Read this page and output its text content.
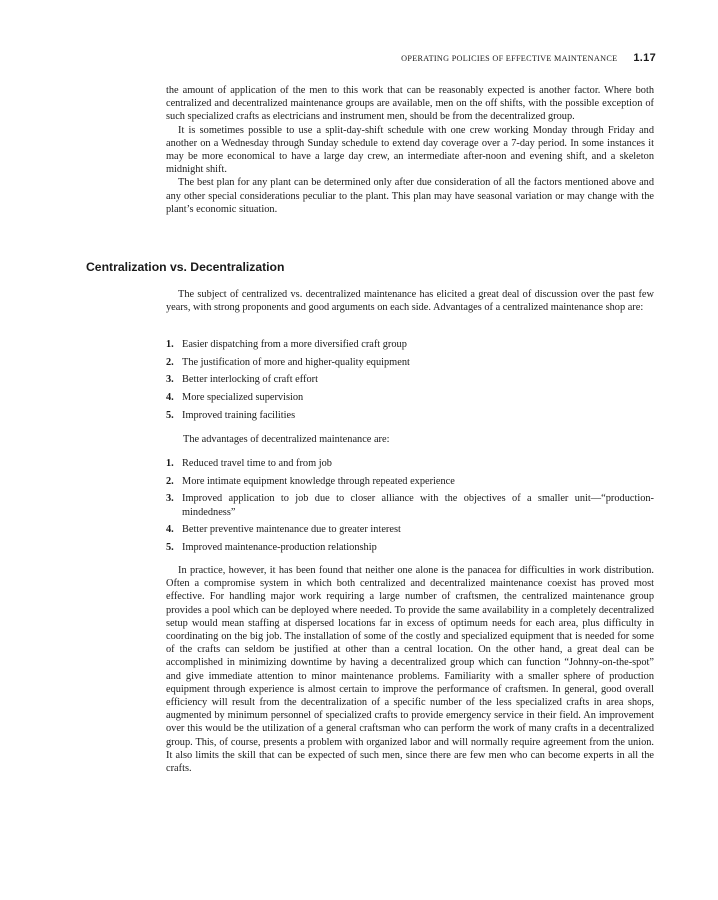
OPERATING POLICIES OF EFFECTIVE MAINTENANCE 1.17

the amount of application of the men to this work that can be reasonably expected is another factor. Where both centralized and decentralized maintenance groups are available, men on the off shifts, with the possible exception of such specialized crafts as electricians and instrument men, should be from the decentralized group.

It is sometimes possible to use a split-day-shift schedule with one crew working Monday through Friday and another on a Wednesday through Sunday schedule to extend day coverage over a 7-day period. In some instances it may be more economical to have a large day crew, an intermediate after-noon and evening shift, and a skeleton midnight shift.

The best plan for any plant can be determined only after due consideration of all the factors mentioned above and any other special considerations peculiar to the plant. This plan may have seasonal variation or may change with the plant’s economic situation.

Centralization vs. Decentralization

The subject of centralized vs. decentralized maintenance has elicited a great deal of discussion over the past few years, with strong proponents and good arguments on each side. Advantages of a centralized maintenance shop are:

1. Easier dispatching from a more diversified craft group
2. The justification of more and higher-quality equipment
3. Better interlocking of craft effort
4. More specialized supervision
5. Improved training facilities

The advantages of decentralized maintenance are:

1. Reduced travel time to and from job
2. More intimate equipment knowledge through repeated experience
3. Improved application to job due to closer alliance with the objectives of a smaller unit—“production-mindedness”
4. Better preventive maintenance due to greater interest
5. Improved maintenance-production relationship

In practice, however, it has been found that neither one alone is the panacea for difficulties in work distribution. Often a compromise system in which both centralized and decentralized maintenance coexist has proved most effective. For handling major work requiring a large number of craftsmen, the centralized maintenance group provides a pool which can be deployed where needed. To provide the same availability in a completely decentralized setup would mean staffing at dispersed locations far in excess of optimum needs for each area, plus difficulty in coordinating on the big job. The installation of some of the costly and specialized equipment that is needed for some of the crafts can seldom be justified at other than a central location. On the other hand, a great deal can be accomplished in minimizing downtime by having a decentralized group which can function “Johnny-on-the-spot” and give immediate attention to minor maintenance problems. Familiarity with a smaller sphere of production equipment through experience is almost certain to improve the performance of craftsmen. In general, good overall efficiency will result from the decentralization of a specific number of the less specialized crafts in area shops, augmented by minimum personnel of specialized crafts to provide emergency service in their field. An improvement over this would be the utilization of a general craftsman who can perform the work of many crafts in a decentralized group. This, of course, presents a problem with organized labor and will normally require agreement from the union. It also limits the skill that can be expected of such men, since there are few men who can become experts in all the crafts.
